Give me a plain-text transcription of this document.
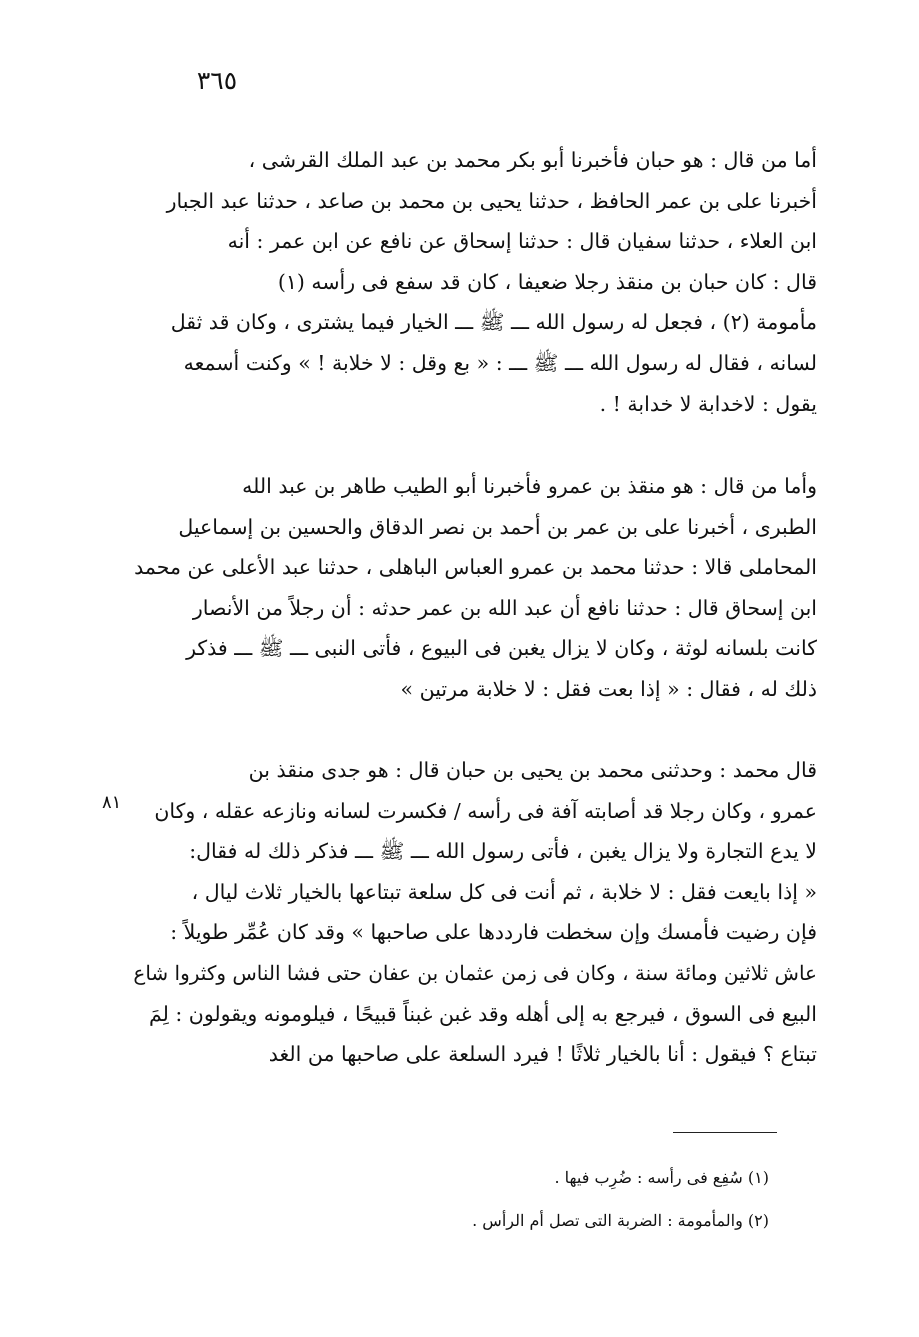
٣٦٥
أما من قال : هو حبان فأخبرنا أبو بكر محمد بن عبد الملك القرشى ،
أخبرنا على بن عمر الحافظ ، حدثنا يحيى بن محمد بن صاعد ، حدثنا عبد الجبار
ابن العلاء ، حدثنا سفيان قال : حدثنا إسحاق عن نافع عن ابن عمر : أنه
قال : كان حبان بن منقذ رجلا ضعيفا ، كان قد سفع فى رأسه (١)
مأمومة (٢) ، فجعل له رسول الله ـــ ﷺ ـــ الخيار فيما يشترى ، وكان قد ثقل
لسانه ، فقال له رسول الله ـــ ﷺ ـــ : « بع وقل : لا خلابة ! » وكنت أسمعه
يقول : لاخدابة لا خدابة ! .
وأما من قال : هو منقذ بن عمرو فأخبرنا أبو الطيب طاهر بن عبد الله
الطبرى ، أخبرنا على بن عمر بن أحمد بن نصر الدقاق والحسين بن إسماعيل
المحاملى قالا : حدثنا محمد بن عمرو العباس الباهلى ، حدثنا عبد الأعلى عن محمد
ابن إسحاق قال : حدثنا نافع أن عبد الله بن عمر حدثه : أن رجلاً من الأنصار
كانت بلسانه لوثة ، وكان لا يزال يغبن فى البيوع ، فأتى النبى ـــ ﷺ ـــ فذكر
ذلك له ، فقال : « إذا بعت فقل : لا خلابة مرتين »
٨١
قال محمد : وحدثنى محمد بن يحيى بن حبان قال : هو جدى منقذ بن
عمرو ، وكان رجلا قد أصابته آفة فى رأسه / فكسرت لسانه ونازعه عقله ، وكان
لا يدع التجارة ولا يزال يغبن ، فأتى رسول الله ـــ ﷺ ـــ فذكر ذلك له فقال:
« إذا بايعت فقل : لا خلابة ، ثم أنت فى كل سلعة تبتاعها بالخيار ثلاث ليال ،
فإن رضيت فأمسك وإن سخطت فارددها على صاحبها » وقد كان عُمِّر طويلاً :
عاش ثلاثين ومائة سنة ، وكان فى زمن عثمان بن عفان حتى فشا الناس وكثروا شاع
البيع فى السوق ، فيرجع به إلى أهله وقد غبن غبناً قبيحًا ، فيلومونه ويقولون : لِمَ
تبتاع ؟ فيقول : أنا بالخيار ثلاثًا ! فيرد السلعة على صاحبها من الغد
(١) سُفِع فى رأسه : ضُرِب فيها .
(٢) والمأمومة : الضربة التى تصل أم الرأس .
